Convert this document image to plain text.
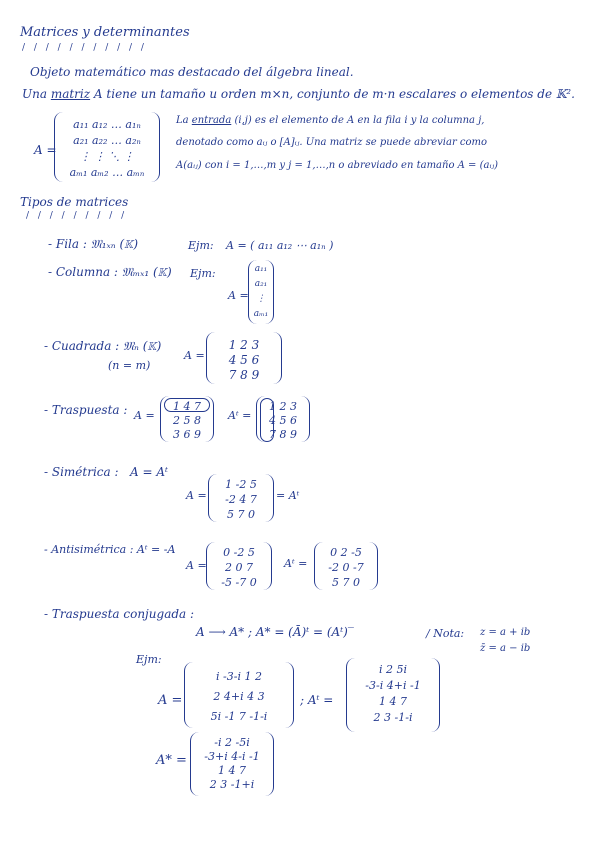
Matrices y determinantes
/ / / / / / / / / / /
Objeto matemático mas destacado del álgebra lineal.
Una matriz A tiene un tamaño u orden m×n, conjunto de m·n escalares o elementos de 𝕂².
A =
a₁₁ a₁₂ … a₁ₙ
a₂₁ a₂₂ … a₂ₙ
⋮ ⋮ ⋱ ⋮
aₘ₁ aₘ₂ … aₘₙ
La entrada (i,j) es el elemento de A en la fila i y la columna j,
denotado como aᵢⱼ o [A]ᵢⱼ. Una matriz se puede abreviar como
A(aᵢⱼ) con i = 1,…,m y j = 1,…,n o abreviado en tamaño A = (aᵢⱼ)
Tipos de matrices
/ / / / / / / / /
- Fila : 𝔐₁ₓₙ (𝕂)	Ejm: A = ( a₁₁ a₁₂ ⋯ a₁ₙ )
- Columna : 𝔐ₘₓ₁ (𝕂) Ejm:
A =
a₁₁
a₂₁
⋮
aₘ₁
- Cuadrada : 𝔐ₙ (𝕂)
(n = m)
A =
1 2 3
4 5 6
7 8 9
- Traspuesta : A =
1 4 7
2 5 8
3 6 9
Aᵗ =
1 2 3
4 5 6
7 8 9
- Simétrica : A = Aᵗ
A =
1 -2 5
-2 4 7
5 7 0
= Aᵗ
- Antisimétrica : Aᵗ = -A
A =
0 -2 5
2 0 7
-5 -7 0
Aᵗ =
0 2 -5
-2 0 -7
5 7 0
- Traspuesta conjugada :
A ⟶ A* ; A* = (Ā)ᵗ = (Aᵗ)‾	/ Nota: z = a + ib
z̄ = a − ib
Ejm:
A =
i -3-i 1 2
2 4+i 4 3
5i -1 7 -1-i
; Aᵗ =
i 2 5i
-3-i 4+i -1
1 4 7
2 3 -1-i
A* =
-i 2 -5i
-3+i 4-i -1
1 4 7
2 3 -1+i
